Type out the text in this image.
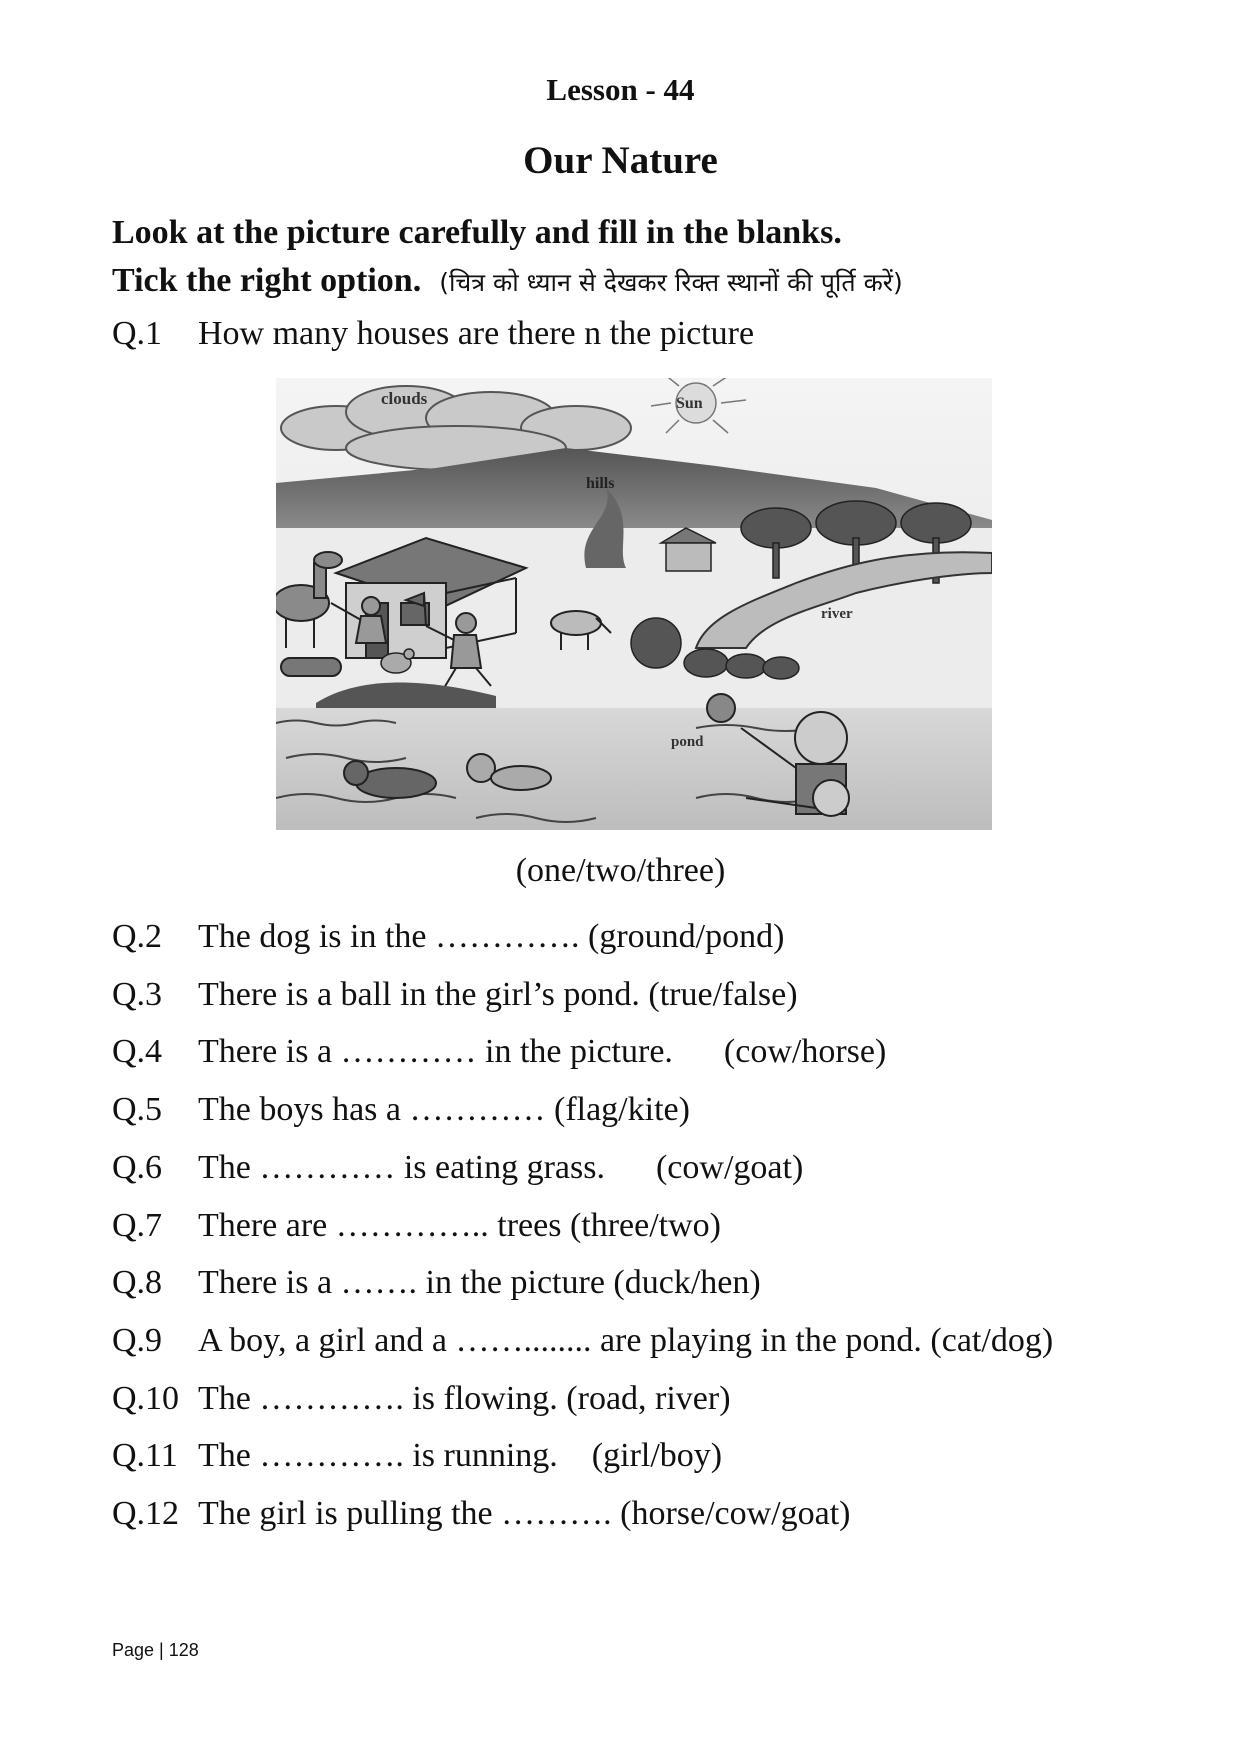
Lesson - 44
Our Nature
Look at the picture carefully and fill in the blanks.
Tick the right option. (चित्र को ध्यान से देखकर रिक्त स्थानों की पूर्ति करें)
Q.1 How many houses are there n the picture
clouds	Sun
hills
river
pond
(one/two/three)
Q.2 The dog is in the …………. (ground/pond)
Q.3 There is a ball in the girl’s pond. (true/false)
Q.4 There is a ………… in the picture.      (cow/horse)
Q.5 The boys has a ………… (flag/kite)
Q.6 The ………… is eating grass.      (cow/goat)
Q.7 There are ………….. trees (three/two)
Q.8 There is a ……. in the picture (duck/hen)
Q.9 A boy, a girl and a ……........ are playing in the pond. (cat/dog)
Q.10 The …………. is flowing. (road, river)
Q.11 The …………. is running.    (girl/boy)
Q.12 The girl is pulling the ………. (horse/cow/goat)
Page | 128
